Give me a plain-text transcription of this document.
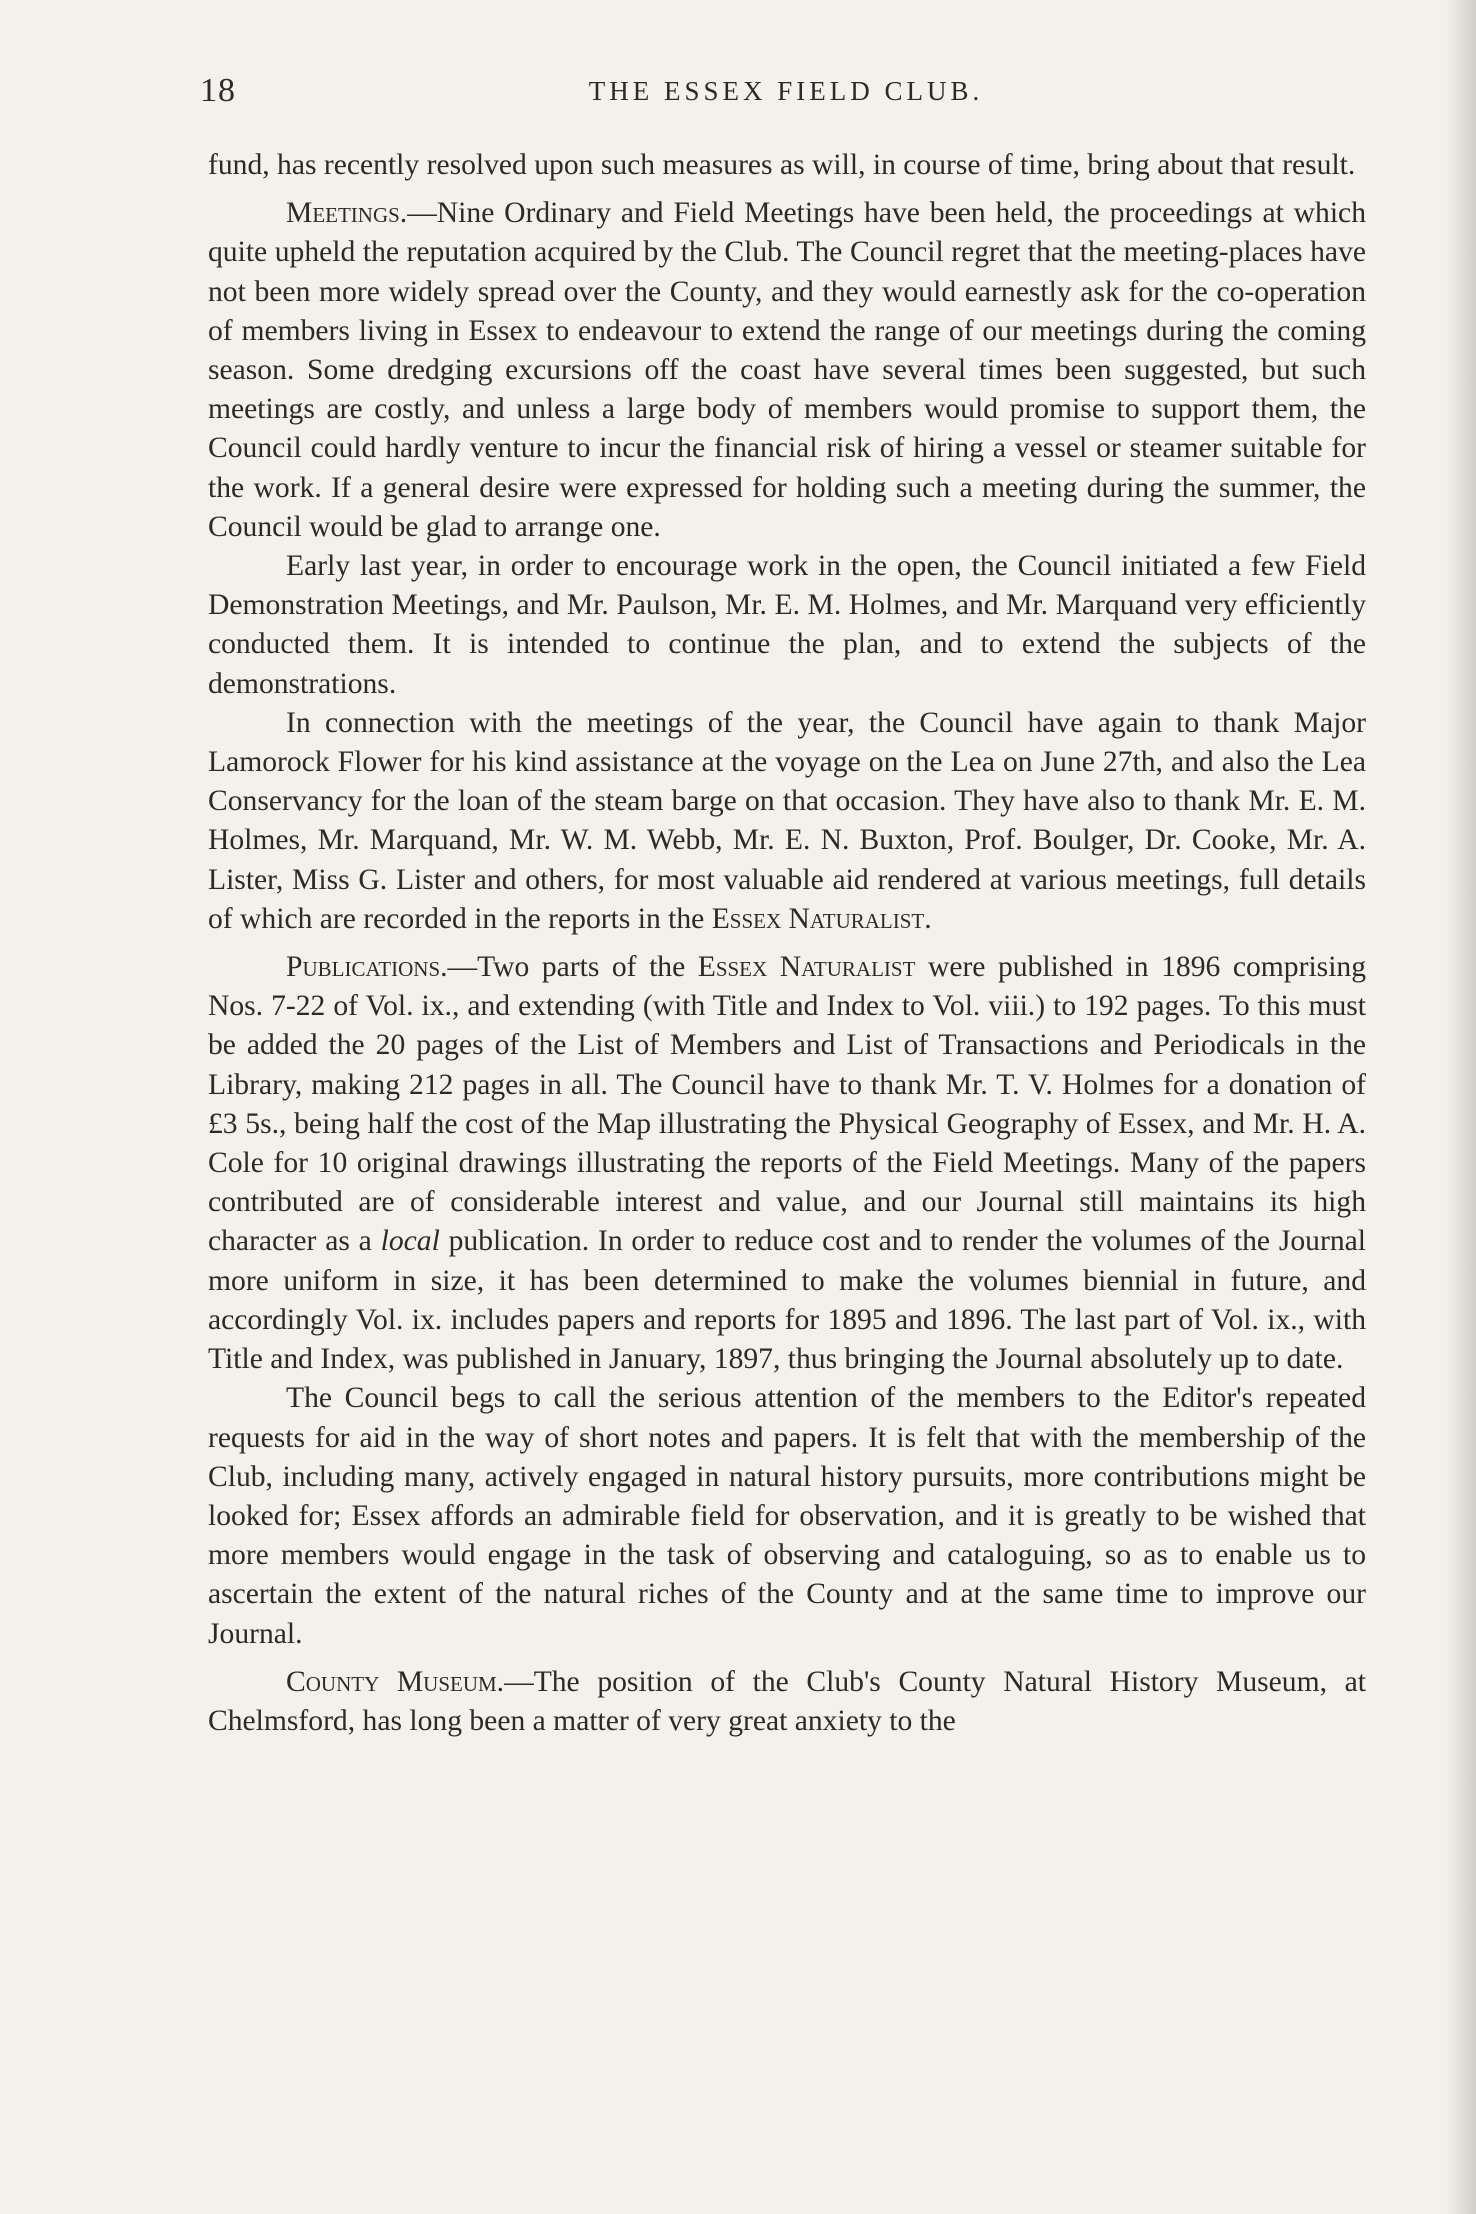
18	THE ESSEX FIELD CLUB.

fund, has recently resolved upon such measures as will, in course of time, bring about that result.

Meetings.—Nine Ordinary and Field Meetings have been held, the proceedings at which quite upheld the reputation acquired by the Club. The Council regret that the meeting-places have not been more widely spread over the County, and they would earnestly ask for the co-operation of members living in Essex to endeavour to extend the range of our meetings during the coming season. Some dredging excursions off the coast have several times been suggested, but such meetings are costly, and unless a large body of members would promise to support them, the Council could hardly venture to incur the financial risk of hiring a vessel or steamer suitable for the work. If a general desire were expressed for holding such a meeting during the summer, the Council would be glad to arrange one.

Early last year, in order to encourage work in the open, the Council initiated a few Field Demonstration Meetings, and Mr. Paulson, Mr. E. M. Holmes, and Mr. Marquand very efficiently conducted them. It is intended to continue the plan, and to extend the subjects of the demonstrations.

In connection with the meetings of the year, the Council have again to thank Major Lamorock Flower for his kind assistance at the voyage on the Lea on June 27th, and also the Lea Conservancy for the loan of the steam barge on that occasion. They have also to thank Mr. E. M. Holmes, Mr. Marquand, Mr. W. M. Webb, Mr. E. N. Buxton, Prof. Boulger, Dr. Cooke, Mr. A. Lister, Miss G. Lister and others, for most valuable aid rendered at various meetings, full details of which are recorded in the reports in the Essex Naturalist.

Publications.—Two parts of the Essex Naturalist were published in 1896 comprising Nos. 7-22 of Vol. ix., and extending (with Title and Index to Vol. viii.) to 192 pages. To this must be added the 20 pages of the List of Members and List of Transactions and Periodicals in the Library, making 212 pages in all. The Council have to thank Mr. T. V. Holmes for a donation of £3 5s., being half the cost of the Map illustrating the Physical Geography of Essex, and Mr. H. A. Cole for 10 original drawings illustrating the reports of the Field Meetings. Many of the papers contributed are of considerable interest and value, and our Journal still maintains its high character as a local publication. In order to reduce cost and to render the volumes of the Journal more uniform in size, it has been determined to make the volumes biennial in future, and accordingly Vol. ix. includes papers and reports for 1895 and 1896. The last part of Vol. ix., with Title and Index, was published in January, 1897, thus bringing the Journal absolutely up to date.

The Council begs to call the serious attention of the members to the Editor's repeated requests for aid in the way of short notes and papers. It is felt that with the membership of the Club, including many, actively engaged in natural history pursuits, more contributions might be looked for; Essex affords an admirable field for observation, and it is greatly to be wished that more members would engage in the task of observing and cataloguing, so as to enable us to ascertain the extent of the natural riches of the County and at the same time to improve our Journal.

County Museum.—The position of the Club's County Natural History Museum, at Chelmsford, has long been a matter of very great anxiety to the
